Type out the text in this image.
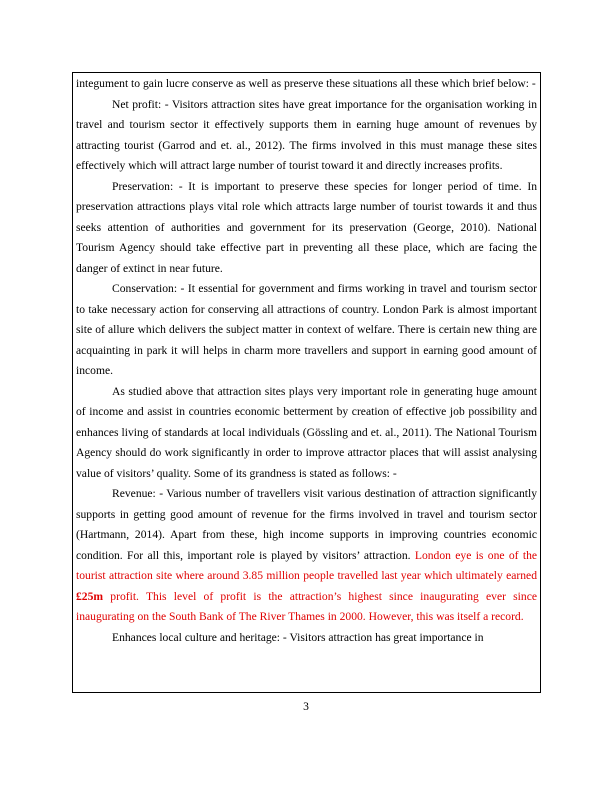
integument to gain lucre conserve as well as preserve these situations all these which brief below: -

Net profit: - Visitors attraction sites have great importance for the organisation working in travel and tourism sector it effectively supports them in earning huge amount of revenues by attracting tourist (Garrod and et. al., 2012). The firms involved in this must manage these sites effectively which will attract large number of tourist toward it and directly increases profits.

Preservation: - It is important to preserve these species for longer period of time. In preservation attractions plays vital role which attracts large number of tourist towards it and thus seeks attention of authorities and government for its preservation (George, 2010). National Tourism Agency should take effective part in preventing all these place, which are facing the danger of extinct in near future.

Conservation: - It essential for government and firms working in travel and tourism sector to take necessary action for conserving all attractions of country. London Park is almost important site of allure which delivers the subject matter in context of welfare. There is certain new thing are acquainting in park it will helps in charm more travellers and support in earning good amount of income.

As studied above that attraction sites plays very important role in generating huge amount of income and assist in countries economic betterment by creation of effective job possibility and enhances living of standards at local individuals (Gössling and et. al., 2011). The National Tourism Agency should do work significantly in order to improve attractor places that will assist analysing value of visitors’ quality. Some of its grandness is stated as follows: -

Revenue: - Various number of travellers visit various destination of attraction significantly supports in getting good amount of revenue for the firms involved in travel and tourism sector (Hartmann, 2014). Apart from these, high income supports in improving countries economic condition. For all this, important role is played by visitors’ attraction. London eye is one of the tourist attraction site where around 3.85 million people travelled last year which ultimately earned £25m profit. This level of profit is the attraction’s highest since inaugurating ever since inaugurating on the South Bank of The River Thames in 2000. However, this was itself a record.

Enhances local culture and heritage: - Visitors attraction has great importance in

3
